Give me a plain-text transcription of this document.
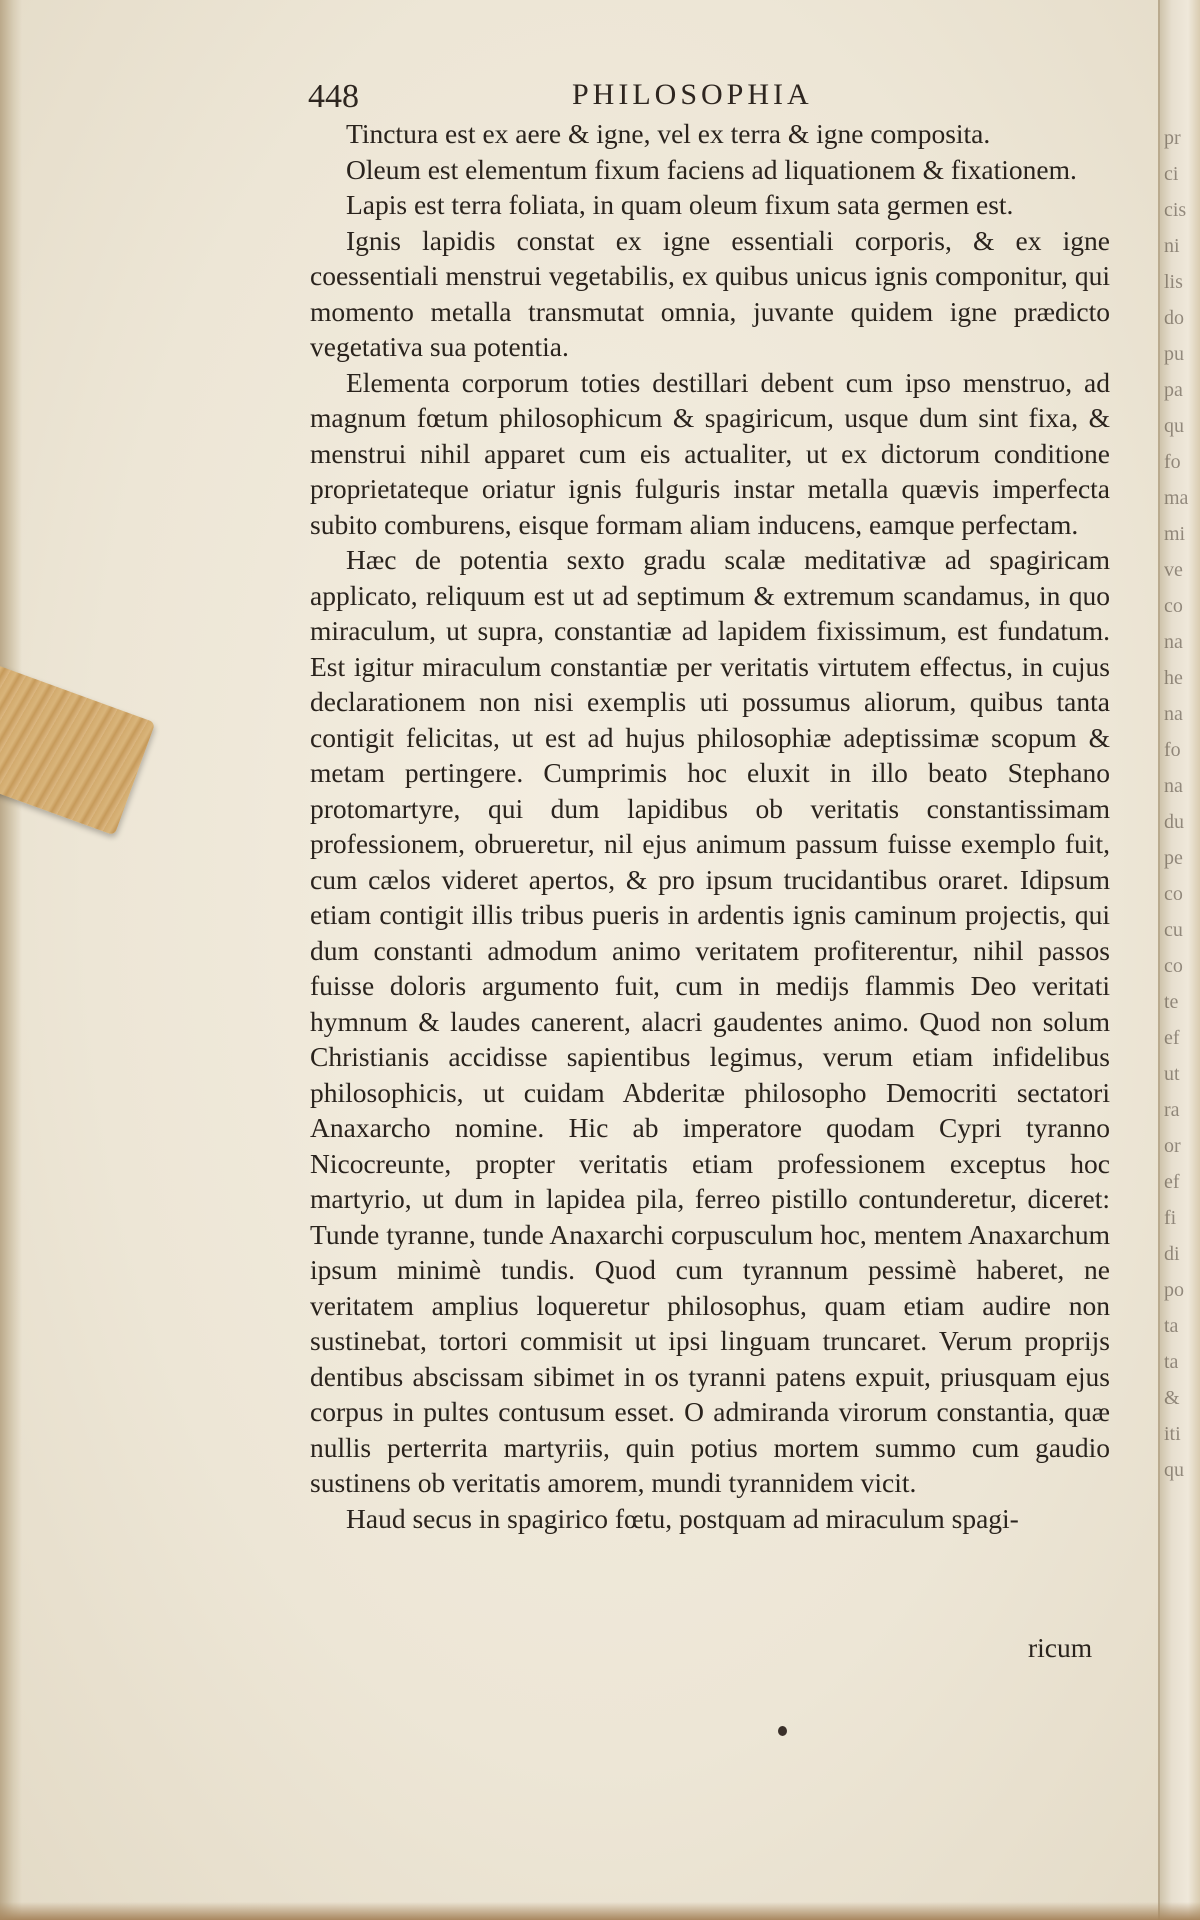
pr
ci
cis
ni
lis
do
pu
pa
qu
fo
ma
mi
ve
co
na
he
na
fo
na
du
pe
co
cu
co
te
ef
ut
ra
or
ef
fi
di
po
ta
ta
&
iti
qu
448	PHILOSOPHIA

Tinctura est ex aere & igne, vel ex terra & igne composita.

Oleum est elementum fixum faciens ad liquationem & fixationem.

Lapis est terra foliata, in quam oleum fixum sata germen est.

Ignis lapidis constat ex igne essentiali corporis, & ex igne coessentiali menstrui vegetabilis, ex quibus unicus ignis componitur, qui momento metalla transmutat omnia, juvante quidem igne prædicto vegetativa sua potentia.

Elementa corporum toties destillari debent cum ipso menstruo, ad magnum fœtum philosophicum & spagiricum, usque dum sint fixa, & menstrui nihil apparet cum eis actualiter, ut ex dictorum conditione proprietateque oriatur ignis fulguris instar metalla quævis imperfecta subito comburens, eisque formam aliam inducens, eamque perfectam.

Hæc de potentia sexto gradu scalæ meditativæ ad spagiricam applicato, reliquum est ut ad septimum & extremum scandamus, in quo miraculum, ut supra, constantiæ ad lapidem fixissimum, est fundatum. Est igitur miraculum constantiæ per veritatis virtutem effectus, in cujus declarationem non nisi exemplis uti possumus aliorum, quibus tanta contigit felicitas, ut est ad hujus philosophiæ adeptissimæ scopum & metam pertingere. Cumprimis hoc eluxit in illo beato Stephano protomartyre, qui dum lapidibus ob veritatis constantissimam professionem, obrueretur, nil ejus animum passum fuisse exemplo fuit, cum cælos videret apertos, & pro ipsum trucidantibus oraret. Idipsum etiam contigit illis tribus pueris in ardentis ignis caminum projectis, qui dum constanti admodum animo veritatem profiterentur, nihil passos fuisse doloris argumento fuit, cum in medijs flammis Deo veritati hymnum & laudes canerent, alacri gaudentes animo. Quod non solum Christianis accidisse sapientibus legimus, verum etiam infidelibus philosophicis, ut cuidam Abderitæ philosopho Democriti sectatori Anaxarcho nomine. Hic ab imperatore quodam Cypri tyranno Nicocreunte, propter veritatis etiam professionem exceptus hoc martyrio, ut dum in lapidea pila, ferreo pistillo contunderetur, diceret: Tunde tyranne, tunde Anaxarchi corpusculum hoc, mentem Anaxarchum ipsum minimè tundis. Quod cum tyrannum pessimè haberet, ne veritatem amplius loqueretur philosophus, quam etiam audire non sustinebat, tortori commisit ut ipsi linguam truncaret. Verum proprijs dentibus abscissam sibimet in os tyranni patens expuit, priusquam ejus corpus in pultes contusum esset. O admiranda virorum constantia, quæ nullis perterrita martyriis, quin potius mortem summo cum gaudio sustinens ob veritatis amorem, mundi tyrannidem vicit.

Haud secus in spagirico fœtu, postquam ad miraculum spagi-

ricum
